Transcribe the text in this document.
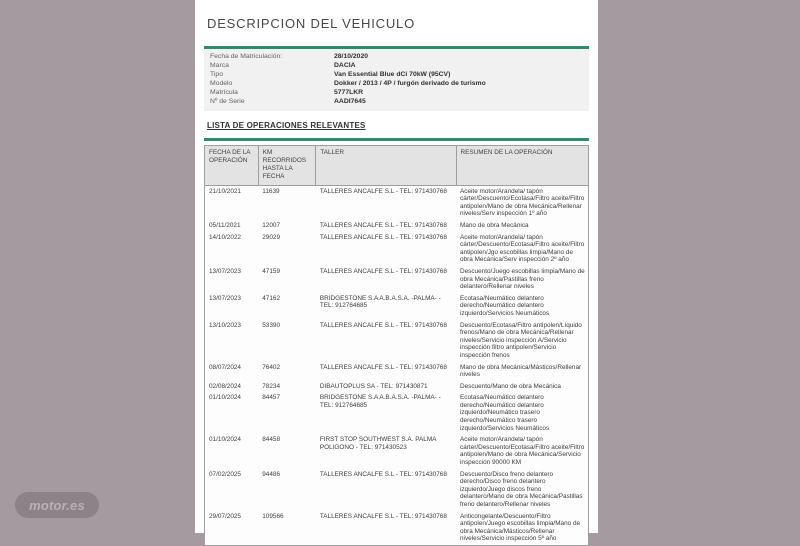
DESCRIPCION DEL VEHICULO
Fecha de Matriculación:	28/10/2020
Marca	DACIA
Tipo	Van Essential Blue dCi 70kW (95CV)
Modelo	Dokker / 2013 / 4P / furgón derivado de turismo
Matrícula	5777LKR
Nº de Serie	AADI7645
LISTA DE OPERACIONES RELEVANTES
FECHA DE LA OPERACIÓN	KM RECORRIDOS HASTA LA FECHA	TALLER	RESUMEN DE LA OPERACIÓN
21/10/2021	11639	TALLERES ANCALFE S.L - TEL: 971430768	Aceite motor/Arandela/ tapón cárter/Descuento/Ecotasa/Filtro aceite/Filtro antipolen/Mano de obra Mecánica/Rellenar niveles/Serv inspección 1º año
05/11/2021	12007	TALLERES ANCALFE S.L - TEL: 971430768	Mano de obra Mecánica
14/10/2022	29029	TALLERES ANCALFE S.L - TEL: 971430768	Aceite motor/Arandela/ tapón cárter/Descuento/Ecotasa/Filtro aceite/Filtro antipolen/Jgo escobillas limpia/Mano de obra Mecánica/Serv inspección 2º año
13/07/2023	47159	TALLERES ANCALFE S.L - TEL: 971430768	Descuento/Juego escobillas limpia/Mano de obra Mecánica/Pastillas freno delantero/Rellenar niveles
13/07/2023	47162	BRIDGESTONE S.A A.B.A.S.A. -PALMA- - TEL: 912764685	Ecotasa/Neumático delantero derecho/Neumático delantero izquierdo/Servicios Neumáticos
13/10/2023	53390	TALLERES ANCALFE S.L - TEL: 971430768	Descuento/Ecotasa/Filtro antipolen/Líquido frenos/Mano de obra Mecánica/Rellenar niveles/Servicio inspección A/Servicio inspección filtro antipolen/Servicio inspección frenos
08/07/2024	76402	TALLERES ANCALFE S.L - TEL: 971430768	Mano de obra Mecánica/Másticos/Rellenar niveles
02/08/2024	78234	DIBAUTOPLUS SA - TEL: 971430871	Descuento/Mano de obra Mecánica
01/10/2024	84457	BRIDGESTONE S.A A.B.A.S.A. -PALMA- - TEL: 912764685	Ecotasa/Neumático delantero derecho/Neumático delantero izquierdo/Neumático trasero derecho/Neumático trasero izquierdo/Servicios Neumáticos
01/10/2024	84458	FIRST STOP SOUTHWEST S.A. PALMA POLIGONO - TEL: 971430523	Aceite motor/Arandela/ tapón cárter/Descuento/Ecotasa/Filtro aceite/Filtro antipolen/Mano de obra Mecánica/Servicio inspección 90000 KM
07/02/2025	94486	TALLERES ANCALFE S.L - TEL: 971430768	Descuento/Disco freno delantero derecho/Disco freno delantero izquierdo/Juego discos freno delantero/Mano de obra Mecánica/Pastillas freno delantero/Rellenar niveles
29/07/2025	109566	TALLERES ANCALFE S.L - TEL: 971430768	Anticongelante/Descuento/Filtro antipolen/Juego escobillas limpia/Mano de obra Mecánica/Másticos/Rellenar niveles/Servicio inspección 5º año
motor.es
